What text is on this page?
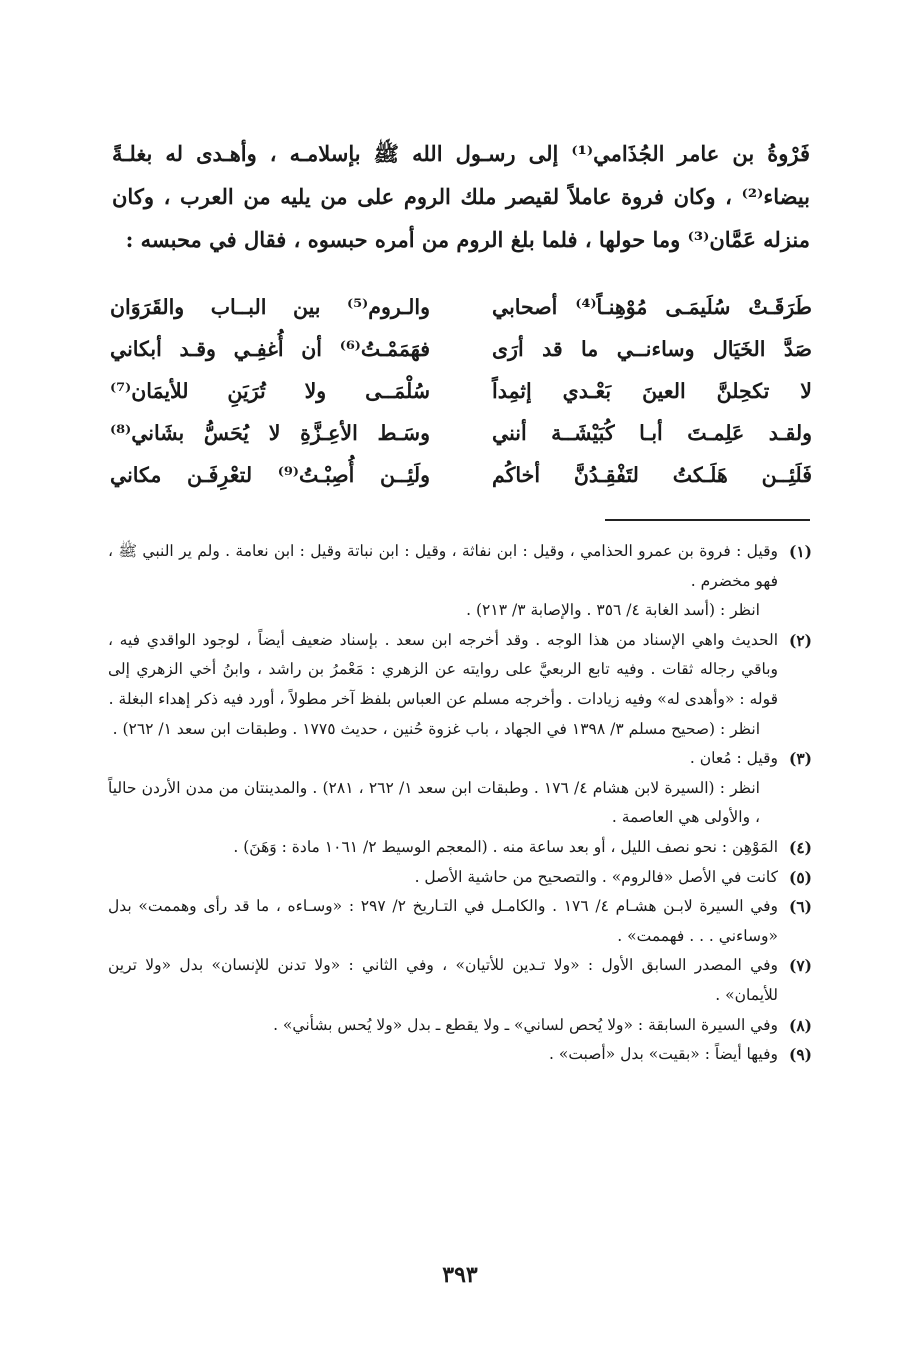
فَرْوةُ بن عامر الجُذَامي⁽¹⁾ إلى رسـول الله ﷺ بإسلامـه ، وأهـدى له بغلـةً بيضاء⁽²⁾ ، وكان فروة عاملاً لقيصر ملك الروم على من يليه من العرب ، وكان منزله عَمَّان⁽³⁾ وما حولها ، فلما بلغ الروم من أمره حبسوه ، فقال في محبسه :

طَرَقَـتْ سُلَيمَـى مُوْهِنـاً⁽⁴⁾ أصحابي
والـروم⁽⁵⁾ بين البــاب والقَرَوَان
صَدَّ الخَيَال وساءنــي ما قد أرَى
فهَمَمْـتُ⁽⁶⁾ أن أُغفِـي وقـد أبكاني
لا تكحِلنَّ العينَ بَعْـدي إثمِداً
سُلْمَــى ولا تُرَيَنِ للأيمَان⁽⁷⁾
ولقـد عَلِمـتَ أبـا كُبَيْشَــة أنني
وسَـط الأعِـزَّةِ لا يُحَسُّ بشَاني⁽⁸⁾
فَلَئِــن هَلَـكتُ لتَفْقِـدُنَّ أخاكُم
ولَئِــن أُصِبْـتُ⁽⁹⁾ لتعْرِفَـن مكاني
(١)

وقيل : فروة بن عمرو الحذامي ، وقيل : ابن نفاثة ، وقيل : ابن نباتة وقيل : ابن نعامة . ولم ير النبي ﷺ ، فهو مخضرم .

انظر : (أسد الغابة ٤/ ٣٥٦ . والإصابة ٣/ ٢١٣) .

(٢)

الحديث واهي الإسناد من هذا الوجه . وقد أخرجه ابن سعد . بإسناد ضعيف أيضاً ، لوجود الواقدي فيه ، وباقي رجاله ثقات . وفيه تابع الربعيَّ على روايته عن الزهري : مَعْمرُ بن راشد ، وابنُ أخي الزهري إلى قوله : «وأهدى له» وفيه زيادات . وأخرجه مسلم عن العباس بلفظ آخر مطولاً ، أورد فيه ذكر إهداء البغلة .

انظر : (صحيح مسلم ٣/ ١٣٩٨ في الجهاد ، باب غزوة حُنين ، حديث ١٧٧٥ . وطبقات ابن سعد ١/ ٢٦٢) .

(٣)

وقيل : مُعان .

انظر : (السيرة لابن هشام ٤/ ١٧٦ . وطبقات ابن سعد ١/ ٢٦٢ ، ٢٨١) . والمدينتان من مدن الأردن حالياً ، والأولى هي العاصمة .

(٤)

المَوْهِن : نحو نصف الليل ، أو بعد ساعة منه . (المعجم الوسيط ٢/ ١٠٦١ مادة : وَهَنَ) .

(٥)

كانت في الأصل «فالروم» . والتصحيح من حاشية الأصل .

(٦)

وفي السيرة لابـن هشـام ٤/ ١٧٦ . والكامـل في التـاريخ ٢/ ٢٩٧ : «وسـاءه ، ما قد رأى وهممت» بدل «وساءني . . . فهممت» .

(٧)

وفي المصدر السابق الأول : «ولا تـدين للأتيان» ، وفي الثاني : «ولا تدنن للإنسان» بدل «ولا ترين للأيمان» .

(٨)

وفي السيرة السابقة : «ولا يُحص لساني» ـ ولا يقطع ـ بدل «ولا يُحس بشأني» .

(٩)

وفيها أيضاً : «بقيت» بدل «أصبت» .

٣٩٣
